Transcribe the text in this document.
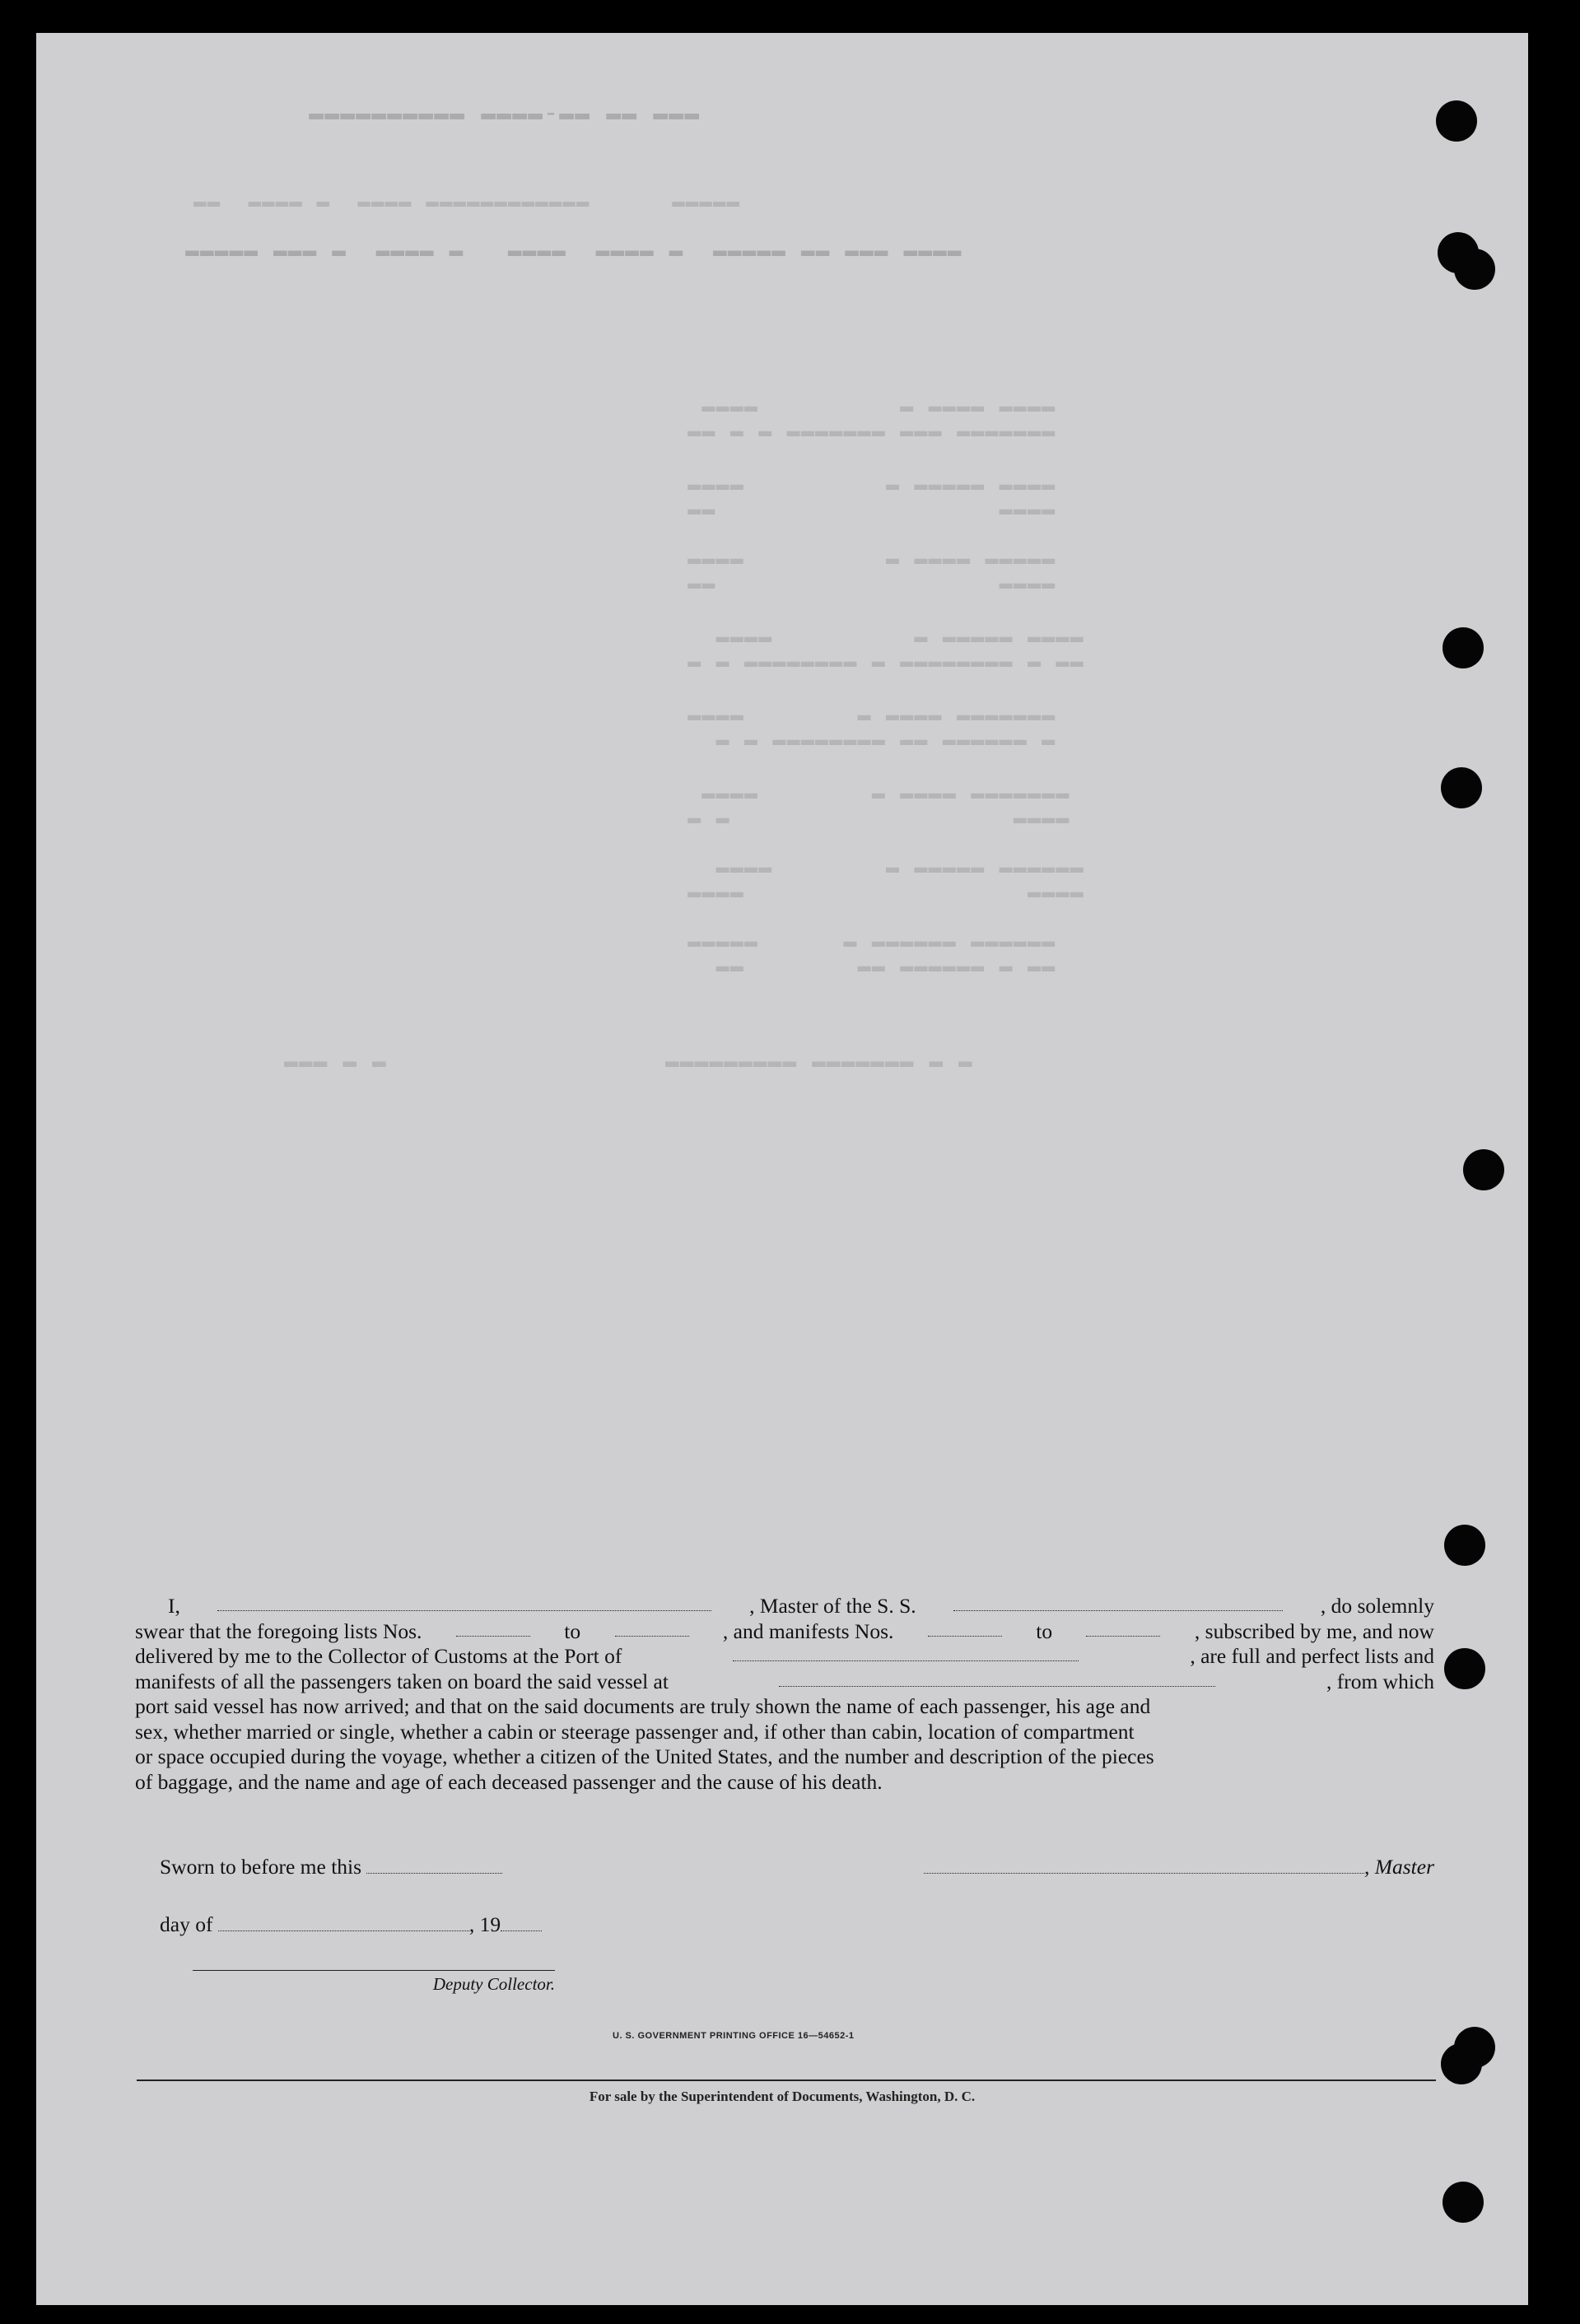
▬▬▬ ▬▬ ▬▬-▬▬▬▬ ▬▬▬▬▬▬▬▬▬▬
▬▬▬▬▬      ▬▬▬▬▬▬▬▬▬▬▬▬ ▬▬▬▬  ▬ ▬▬▬▬  ▬▬
▬▬▬▬ ▬▬▬ ▬▬ ▬▬▬▬▬  ▬ ▬▬▬▬  ▬▬▬▬   ▬ ▬▬▬▬  ▬ ▬▬▬ ▬▬▬▬▬
▬▬▬▬ ▬▬▬▬ ▬          ▬▬▬▬
▬▬▬▬▬▬▬ ▬▬▬ ▬▬▬▬▬▬▬ ▬ ▬ ▬▬
▬▬▬▬ ▬▬▬▬▬ ▬          ▬▬▬▬
▬▬▬▬                    ▬▬
▬▬▬▬▬ ▬▬▬▬ ▬          ▬▬▬▬
▬▬▬▬                    ▬▬
▬▬▬▬ ▬▬▬▬▬ ▬          ▬▬▬▬
▬▬ ▬ ▬▬▬▬▬▬▬▬ ▬ ▬▬▬▬▬▬▬▬ ▬ ▬
▬▬▬▬▬▬▬ ▬▬▬▬ ▬        ▬▬▬▬
▬ ▬▬▬▬▬▬ ▬▬ ▬▬▬▬▬▬▬▬ ▬ ▬
▬▬▬▬▬▬▬ ▬▬▬▬ ▬        ▬▬▬▬
▬▬▬▬                    ▬ ▬
▬▬▬▬▬▬ ▬▬▬▬▬ ▬        ▬▬▬▬
▬▬▬▬                    ▬▬▬▬
▬▬▬▬▬▬ ▬▬▬▬▬▬ ▬      ▬▬▬▬▬
▬▬ ▬ ▬▬▬▬▬▬ ▬▬        ▬▬
▬ ▬ ▬▬▬▬▬▬▬ ▬▬▬▬▬▬▬▬▬                   ▬ ▬ ▬▬▬
I,	, Master of the S. S.	, do solemnly
swear that the foregoing lists Nos.	to	, and manifests Nos.	to	, subscribed by me, and now
delivered by me to the Collector of Customs at the Port of	, are full and perfect lists and
manifests of all the passengers taken on board the said vessel at	, from which
port said vessel has now arrived; and that on the said documents are truly shown the name of each passenger, his age and
sex, whether married or single, whether a cabin or steerage passenger and, if other than cabin, location of compartment
or space occupied during the voyage, whether a citizen of the United States, and the number and description of the pieces
of baggage, and the name and age of each deceased passenger and the cause of his death.
Sworn to before me this	, Master
day of	, 19
Deputy Collector.
U. S. GOVERNMENT PRINTING OFFICE 16—54652-1
For sale by the Superintendent of Documents, Washington, D. C.
